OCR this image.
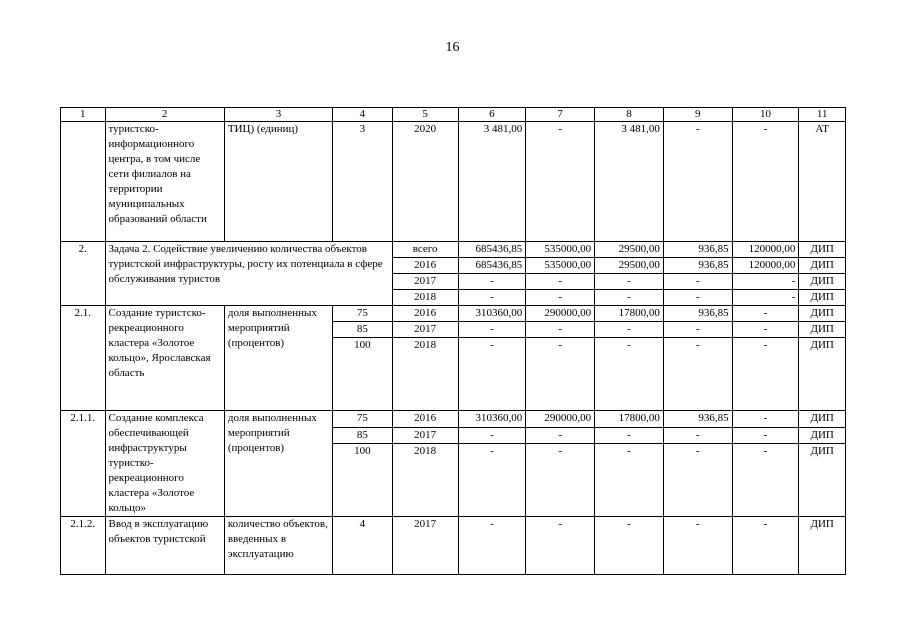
16
1	2	3	4	5	6	7	8	9	10	11
	туристско-информационного центра, в том числе сети филиалов на территории муниципальных образований области	ТИЦ) (единиц)	3	2020	3 481,00	-	3 481,00	-	-	АТ
2.	Задача 2. Содействие увеличению количества объектов туристской инфраструктуры, росту их потенциала в сфере обслуживания туристов			всего	685436,85	535000,00	29500,00	936,85	120000,00	ДИП
				2016	685436,85	535000,00	29500,00	936,85	120000,00	ДИП
				2017	-	-	-	-	-	ДИП
				2018	-	-	-	-	-	ДИП
2.1.	Создание туристско-рекреационного кластера «Золотое кольцо», Ярославская область	доля выполненных мероприятий (процентов)	75	2016	310360,00	290000,00	17800,00	936,85	-	ДИП
			85	2017	-	-	-	-	-	ДИП
			100	2018	-	-	-	-	-	ДИП
2.1.1.	Создание комплекса обеспечивающей инфраструктуры туристко-рекреационного кластера «Золотое кольцо»	доля выполненных мероприятий (процентов)	75	2016	310360,00	290000,00	17800,00	936,85	-	ДИП
			85	2017	-	-	-	-	-	ДИП
			100	2018	-	-	-	-	-	ДИП
2.1.2.	Ввод в эксплуатацию объектов туристской	количество объектов, введенных в эксплуатацию	4	2017	-	-	-	-	-	ДИП
